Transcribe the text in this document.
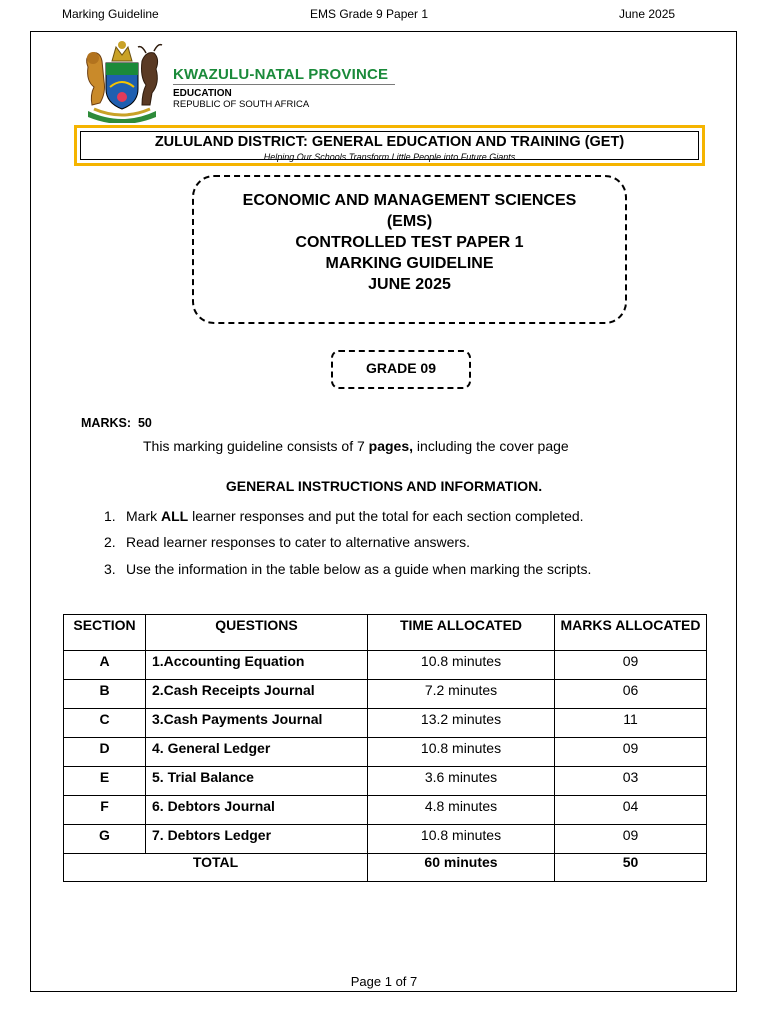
Marking Guideline	EMS Grade 9 Paper 1	June 2025
KWAZULU-NATAL PROVINCE
EDUCATION
REPUBLIC OF SOUTH AFRICA
ZULULAND DISTRICT: GENERAL EDUCATION AND TRAINING (GET)
Helping Our Schools Transform Little People into Future Giants
ECONOMIC AND MANAGEMENT SCIENCES
(EMS)
CONTROLLED TEST PAPER 1
MARKING GUIDELINE
JUNE 2025
GRADE 09
MARKS:  50
This marking guideline consists of 7 pages, including the cover page
GENERAL INSTRUCTIONS AND INFORMATION.
1. Mark ALL learner responses and put the total for each section completed.
2. Read learner responses to cater to alternative answers.
3. Use the information in the table below as a guide when marking the scripts.
SECTION	QUESTIONS	TIME ALLOCATED	MARKS ALLOCATED

A	1.Accounting Equation	10.8 minutes	09

B	2.Cash Receipts Journal	7.2 minutes	06

C	3.Cash Payments Journal	13.2 minutes	11

D	4. General Ledger	10.8 minutes	09

E	5. Trial Balance	3.6 minutes	03

F	6. Debtors Journal	4.8 minutes	04

G	7. Debtors Ledger	10.8 minutes	09

TOTAL		60 minutes	50
Page 1 of 7
